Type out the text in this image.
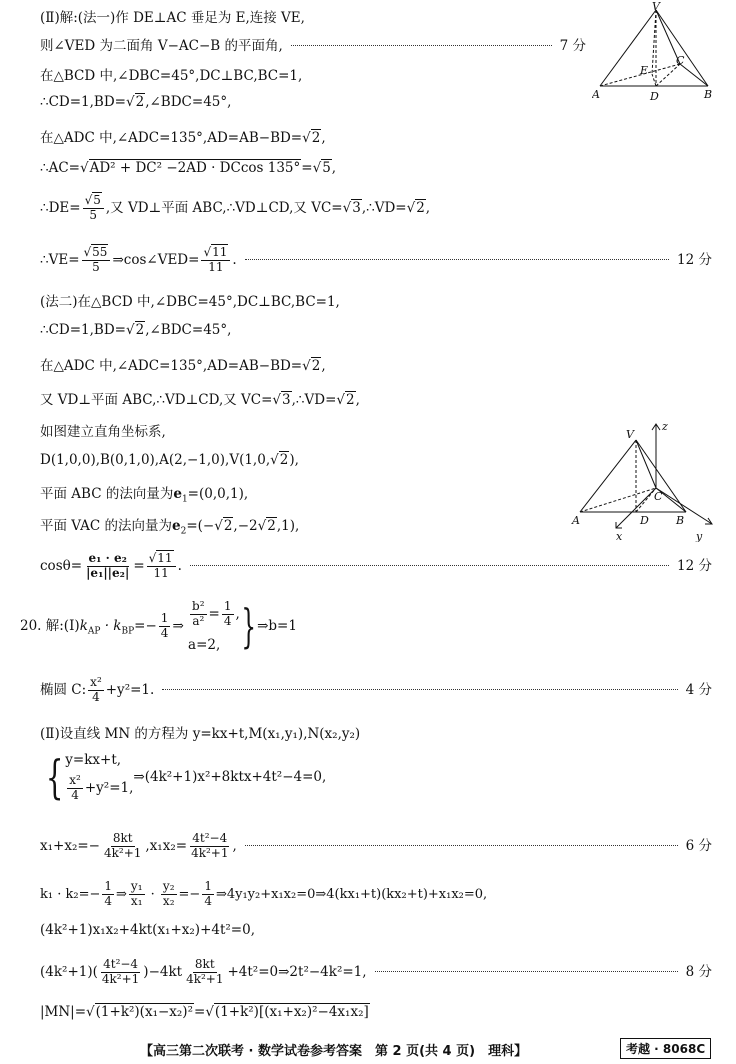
V
E
C
A	D	B
V
z
C
A	D B
x	y
(Ⅱ)解:(法一)作 DE⊥AC 垂足为 E,连接 VE,
则∠VED 为二面角 V−AC−B 的平面角,	7 分
在△BCD 中,∠DBC=45°,DC⊥BC,BC=1,
∴CD=1,BD=√2,∠BDC=45°,
在△ADC 中,∠ADC=135°,AD=AB−BD=√2,
∴AC=√AD² + DC² −2AD · DCcos 135°=√5,
∴DE= $\frac{√5}{5}$ ,又 VD⊥平面 ABC,∴VD⊥CD,又 VC=√3,∴VD=√2,
∴VE= $\frac{√55}{5}$ ⇒cos∠VED= $\frac{√11}{11}$ .	12 分
(法二)在△BCD 中,∠DBC=45°,DC⊥BC,BC=1,
∴CD=1,BD=√2,∠BDC=45°,
在△ADC 中,∠ADC=135°,AD=AB−BD=√2,
又 VD⊥平面 ABC,∴VD⊥CD,又 VC=√3,∴VD=√2,
如图建立直角坐标系,
D(1,0,0),B(0,1,0),A(2,−1,0),V(1,0,√2),
平面 ABC 的法向量为$e_1=(0,0,1)$,
平面 VAC 的法向量为$e_2=(-√2,-2√2,1)$,
$\cos\theta= \frac{\text{e₁ · e₂}}{\text{|e₁||e₂|}} = \frac{√11}{11}$ .	12 分
20. 解$:(Ⅰ)k_{AP} \cdot k_{BP}=- \frac{1}{4}$ ⇒ $\frac{\text{b²}}{\text{a²}} = \frac{1}{4}$ ,
a=2, }⇒b=1
椭圆 C: $\frac{\text{x²}}{4} +y^2=1$.	4 分
(Ⅱ)设直线 MN 的方程为 y=kx+t,M(x₁,y₁),N(x₂,y₂)
{ y=kx+t,
$\frac{\text{x²}}{4} +y^2=1$,
⇒(4k²+1)x²+8ktx+4t²−4=0,
$x_1+x_2=- \frac{8kt}{\text{4k²+1}} ,x_1x_2= \frac{\text{4t²−4}}{\text{4k²+1}}$ ,	6 分
$k_1 \cdot k_2=- \frac{1}{4}$ ⇒ $\frac{\text{y₁}}{\text{x₁}} \cdot \frac{\text{y₂}}{\text{x₂}} =- \frac{1}{4}$ ⇒4y₁y₂+x₁x₂=0⇒4(kx₁+t)(kx₂+t)+x₁x₂=0,
(4k²+1)x₁x₂+4kt(x₁+x₂)+4t²=0,
$(4k^2+1)( \frac{\text{4t²−4}}{\text{4k²+1}} )-4kt \frac{8kt}{\text{4k²+1}}$ +4t²=0⇒2t²−4k²=1,	8 分
|MN|=√(1+k²)(x₁−x₂)²=√(1+k²)[(x₁+x₂)²−4x₁x₂]
【高三第二次联考 · 数学试卷参考答案　第 2 页(共 4 页)　理科】	考越 · 8068C
